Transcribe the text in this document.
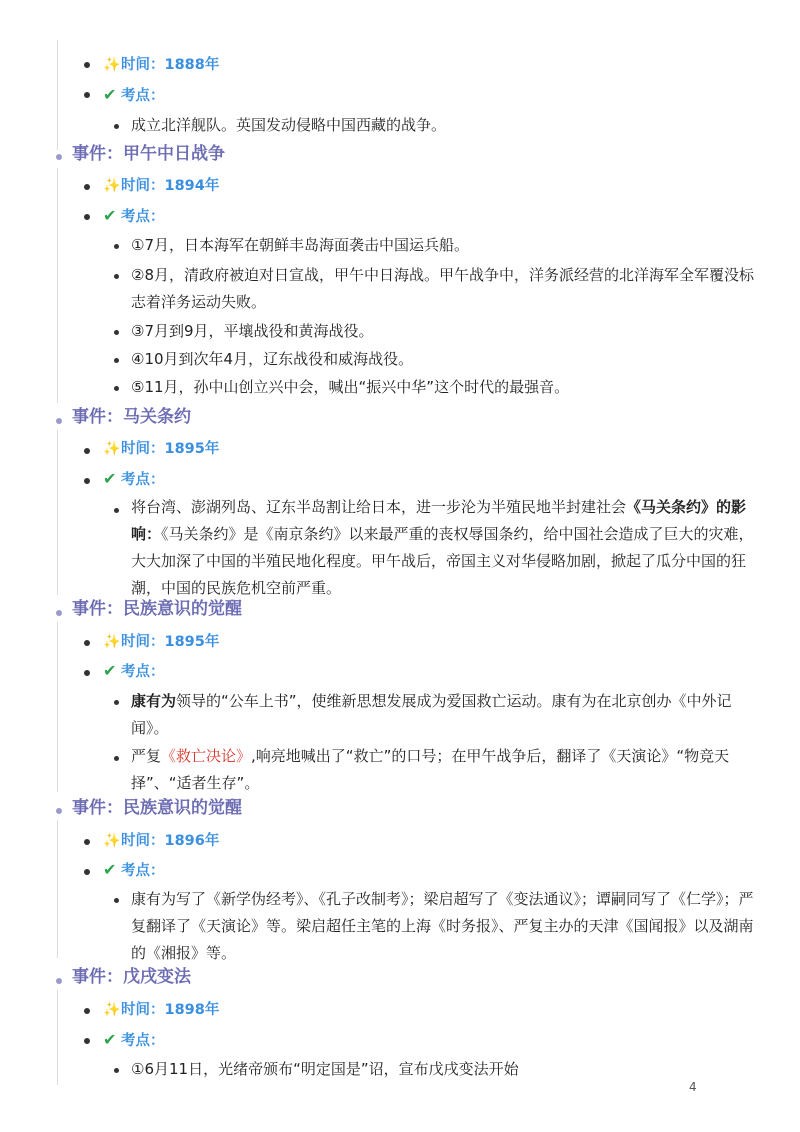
✨时间：1888年
✔ 考点：
成立北洋舰队。英国发动侵略中国西藏的战争。
事件：甲午中日战争
✨时间：1894年
✔ 考点：
①7月，日本海军在朝鲜丰岛海面袭击中国运兵船。
②8月，清政府被迫对日宣战，甲午中日海战。甲午战争中，洋务派经营的北洋海军全军覆没标志着洋务运动失败。
③7月到9月，平壤战役和黄海战役。
④10月到次年4月，辽东战役和威海战役。
⑤11月，孙中山创立兴中会，喊出“振兴中华”这个时代的最强音。
事件：马关条约
✨时间：1895年
✔ 考点：
将台湾、澎湖列岛、辽东半岛割让给日本，进一步沦为半殖民地半封建社会《马关条约》的影响：《马关条约》是《南京条约》以来最严重的丧权辱国条约，给中国社会造成了巨大的灾难，大大加深了中国的半殖民地化程度。甲午战后，帝国主义对华侵略加剧，掀起了瓜分中国的狂潮，中国的民族危机空前严重。
事件：民族意识的觉醒
✨时间：1895年
✔ 考点：
康有为领导的“公车上书”，使维新思想发展成为爱国救亡运动。康有为在北京创办《中外记闻》。
严复《救亡决论》,响亮地喊出了“救亡”的口号；在甲午战争后，翻译了《天演论》“物竞天择”、“适者生存”。
事件：民族意识的觉醒
✨时间：1896年
✔ 考点：
康有为写了《新学伪经考》、《孔子改制考》；梁启超写了《变法通议》；谭嗣同写了《仁学》；严复翻译了《天演论》等。梁启超任主笔的上海《时务报》、严复主办的天津《国闻报》以及湖南的《湘报》等。
事件：戊戌变法
✨时间：1898年
✔ 考点：
①6月11日，光绪帝颁布“明定国是”诏，宣布戊戌变法开始
4
